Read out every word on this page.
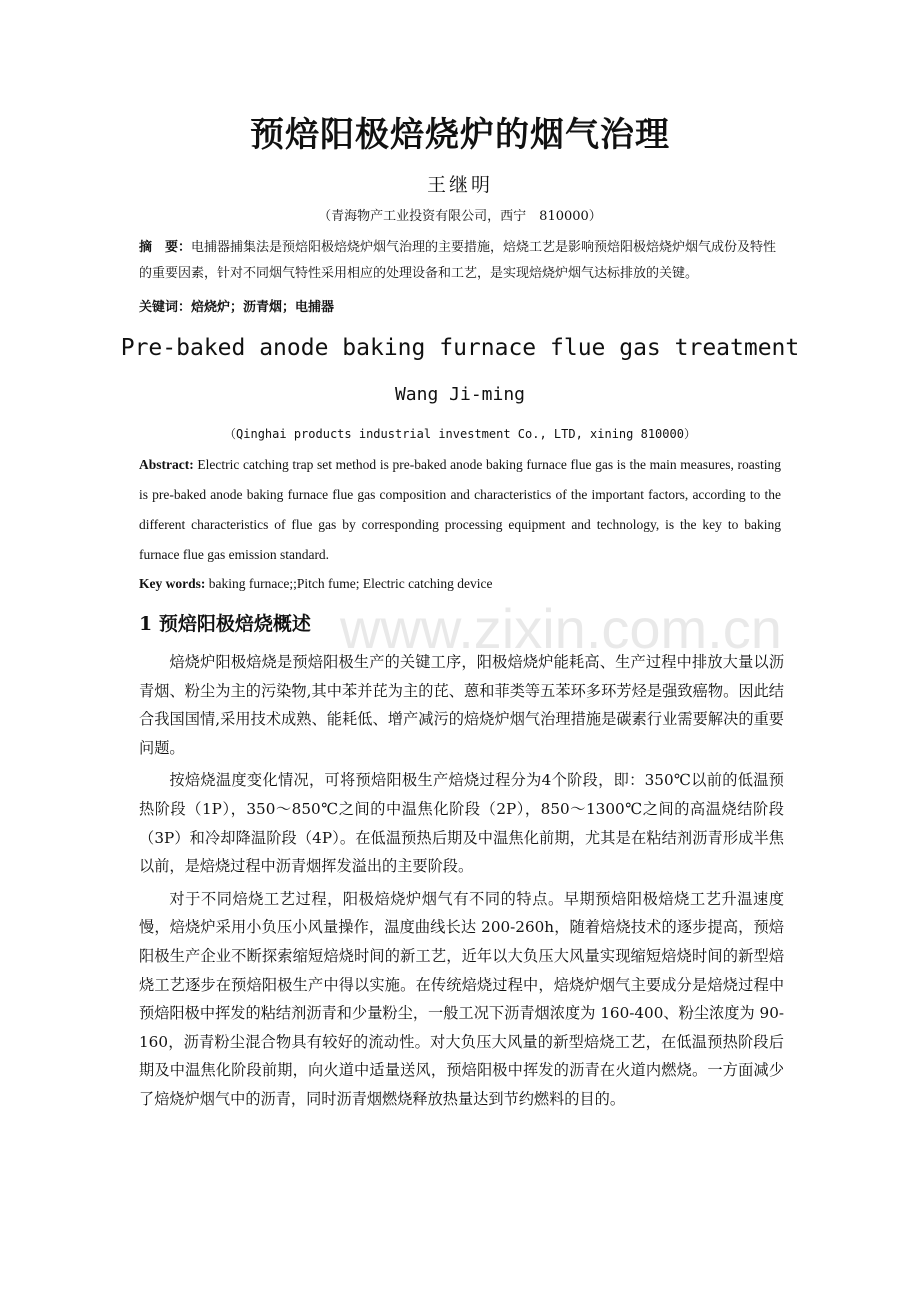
预焙阳极焙烧炉的烟气治理
王继明
（青海物产工业投资有限公司，西宁　810000）
摘　要：电捕器捕集法是预焙阳极焙烧炉烟气治理的主要措施，焙烧工艺是影响预焙阳极焙烧炉烟气成份及特性的重要因素，针对不同烟气特性采用相应的处理设备和工艺，是实现焙烧炉烟气达标排放的关键。
关键词：焙烧炉；沥青烟；电捕器
Pre-baked anode baking furnace flue gas treatment
Wang Ji-ming
（Qinghai products industrial investment Co., LTD, xining 810000）
Abstract: Electric catching trap set method is pre-baked anode baking furnace flue gas is the main measures, roasting is pre-baked anode baking furnace flue gas composition and characteristics of the important factors, according to the different characteristics of flue gas by corresponding processing equipment and technology, is the key to baking furnace flue gas emission standard.
Key words: baking furnace;;Pitch fume; Electric catching device
www.zixin.com.cn
1 预焙阳极焙烧概述

焙烧炉阳极焙烧是预焙阳极生产的关键工序，阳极焙烧炉能耗高、生产过程中排放大量以沥青烟、粉尘为主的污染物,其中苯并芘为主的芘、蒽和菲类等五苯环多环芳烃是强致癌物。因此结合我国国情,采用技术成熟、能耗低、增产减污的焙烧炉烟气治理措施是碳素行业需要解决的重要问题。

按焙烧温度变化情况，可将预焙阳极生产焙烧过程分为4个阶段，即：350℃以前的低温预热阶段（1P），350～850℃之间的中温焦化阶段（2P），850～1300℃之间的高温烧结阶段（3P）和冷却降温阶段（4P）。在低温预热后期及中温焦化前期，尤其是在粘结剂沥青形成半焦以前，是焙烧过程中沥青烟挥发溢出的主要阶段。

对于不同焙烧工艺过程，阳极焙烧炉烟气有不同的特点。早期预焙阳极焙烧工艺升温速度慢，焙烧炉采用小负压小风量操作，温度曲线长达 200-260h，随着焙烧技术的逐步提高，预焙阳极生产企业不断探索缩短焙烧时间的新工艺，近年以大负压大风量实现缩短焙烧时间的新型焙烧工艺逐步在预焙阳极生产中得以实施。在传统焙烧过程中，焙烧炉烟气主要成分是焙烧过程中预焙阳极中挥发的粘结剂沥青和少量粉尘，一般工况下沥青烟浓度为 160-400、粉尘浓度为 90-160，沥青粉尘混合物具有较好的流动性。对大负压大风量的新型焙烧工艺，在低温预热阶段后期及中温焦化阶段前期，向火道中适量送风，预焙阳极中挥发的沥青在火道内燃烧。一方面减少了焙烧炉烟气中的沥青，同时沥青烟燃烧释放热量达到节约燃料的目的。
